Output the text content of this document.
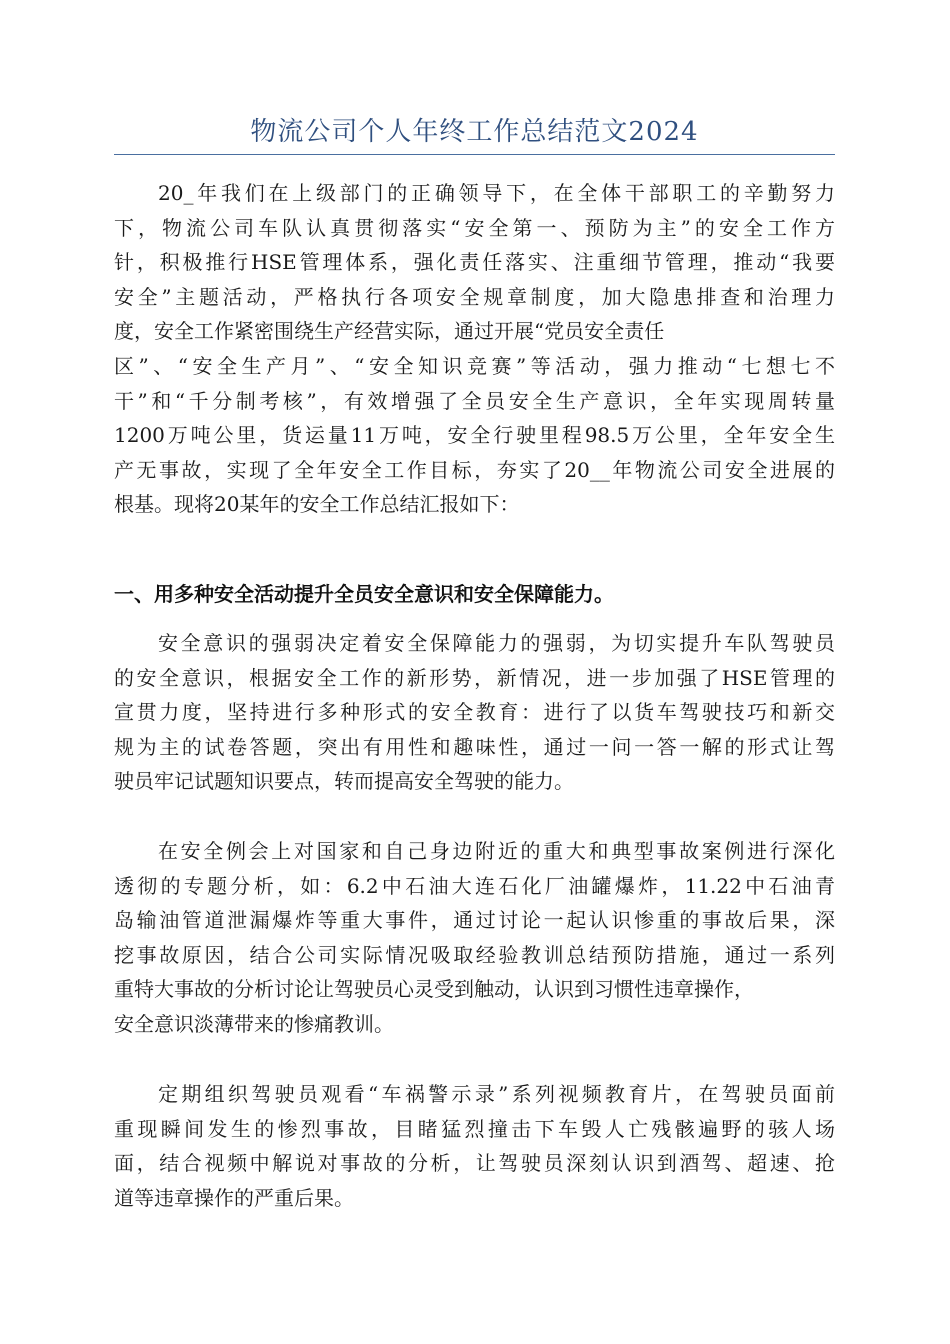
物流公司个人年终工作总结范文2024
20_年我们在上级部门的正确领导下，在全体干部职工的辛勤努力
下，物流公司车队认真贯彻落实“安全第一、预防为主”的安全工作方
针，积极推行HSE管理体系，强化责任落实、注重细节管理，推动“我要
安全”主题活动，严格执行各项安全规章制度，加大隐患排查和治理力
度，安全工作紧密围绕生产经营实际，通过开展“党员安全责任
区”、“安全生产月”、“安全知识竞赛”等活动，强力推动“七想七不
干”和“千分制考核”，有效增强了全员安全生产意识，全年实现周转量
1200万吨公里，货运量11万吨，安全行驶里程98.5万公里，全年安全生
产无事故，实现了全年安全工作目标，夯实了20__年物流公司安全进展的
根基。现将20某年的安全工作总结汇报如下：
一、用多种安全活动提升全员安全意识和安全保障能力。
安全意识的强弱决定着安全保障能力的强弱，为切实提升车队驾驶员
的安全意识，根据安全工作的新形势，新情况，进一步加强了HSE管理的
宣贯力度，坚持进行多种形式的安全教育：进行了以货车驾驶技巧和新交
规为主的试卷答题，突出有用性和趣味性，通过一问一答一解的形式让驾
驶员牢记试题知识要点，转而提高安全驾驶的能力。
在安全例会上对国家和自己身边附近的重大和典型事故案例进行深化
透彻的专题分析，如：6.2中石油大连石化厂油罐爆炸，11.22中石油青
岛输油管道泄漏爆炸等重大事件，通过讨论一起认识惨重的事故后果，深
挖事故原因，结合公司实际情况吸取经验教训总结预防措施，通过一系列
重特大事故的分析讨论让驾驶员心灵受到触动，认识到习惯性违章操作，
安全意识淡薄带来的惨痛教训。
定期组织驾驶员观看“车祸警示录”系列视频教育片，在驾驶员面前
重现瞬间发生的惨烈事故，目睹猛烈撞击下车毁人亡残骸遍野的骇人场
面，结合视频中解说对事故的分析，让驾驶员深刻认识到酒驾、超速、抢
道等违章操作的严重后果。
